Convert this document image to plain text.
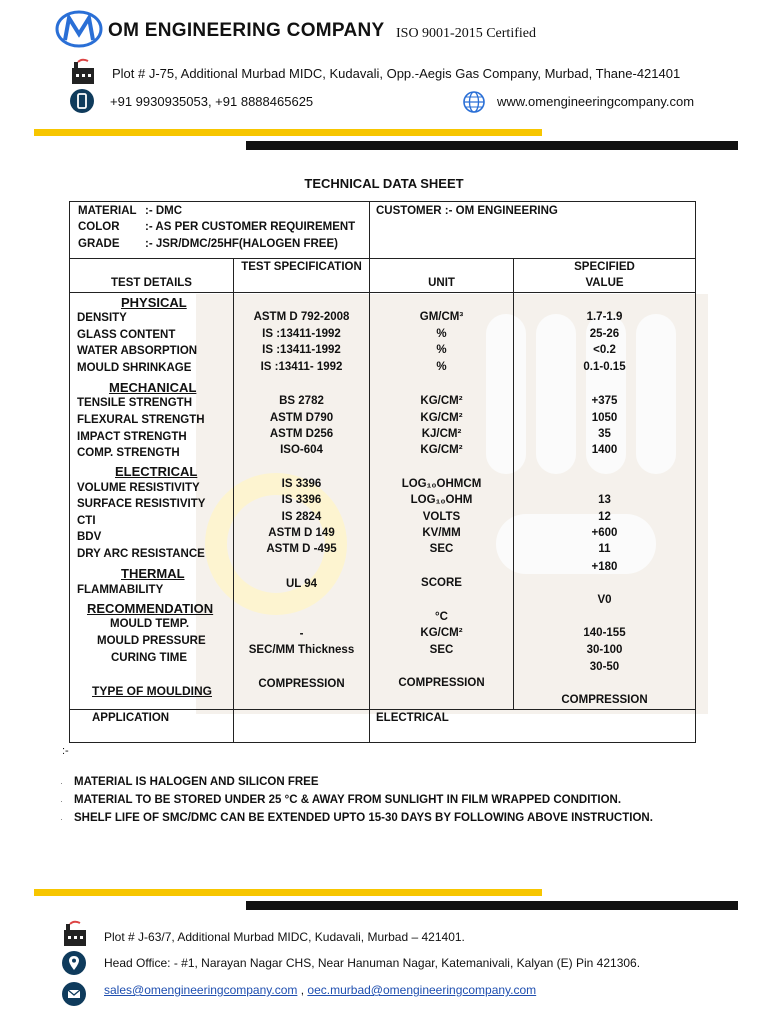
OM ENGINEERING COMPANY ISO 9001-2015 Certified
Plot # J-75, Additional Murbad MIDC, Kudavali, Opp.-Aegis Gas Company, Murbad, Thane-421401
+91 9930935053, +91 8888465625	www.omengineeringcompany.com
TECHNICAL DATA SHEET
MATERIAL :- DMC
COLOR :- AS PER CUSTOMER REQUIREMENT
GRADE :- JSR/DMC/25HF(HALOGEN FREE)
CUSTOMER :- OM ENGINEERING
TEST DETAILS
TEST SPECIFICATION
UNIT
SPECIFIED
VALUE
PHYSICAL
MECHANICAL
ELECTRICAL
THERMAL
RECOMMENDATION
DENSITY
GLASS CONTENT
WATER ABSORPTION
MOULD SHRINKAGE
TENSILE STRENGTH
FLEXURAL STRENGTH
IMPACT STRENGTH
COMP. STRENGTH
VOLUME RESISTIVITY
SURFACE RESISTIVITY
CTI
BDV
DRY ARC RESISTANCE
FLAMMABILITY
MOULD TEMP.
MOULD PRESSURE
CURING TIME
TYPE OF MOULDING
ASTM D 792-2008
IS :13411-1992
IS :13411-1992
IS :13411- 1992
BS 2782
ASTM D790
ASTM D256
ISO-604
IS 3396
IS 3396
IS 2824
ASTM D 149
ASTM D -495
UL 94
-
SEC/MM Thickness
COMPRESSION
GM/CM³
%
%
%
KG/CM²
KG/CM²
KJ/CM²
KG/CM²
LOG₁₀OHMCM
LOG₁₀OHM
VOLTS
KV/MM
SEC
SCORE
°C
KG/CM²
SEC
COMPRESSION
1.7-1.9
25-26
<0.2
0.1-0.15
+375
1050
35
1400
13
12
+600
11
+180
V0
140-155
30-100
30-50
COMPRESSION
APPLICATION	ELECTRICAL
:-
· MATERIAL IS HALOGEN AND SILICON FREE
· MATERIAL TO BE STORED UNDER 25 °C & AWAY FROM SUNLIGHT IN FILM WRAPPED CONDITION.
· SHELF LIFE OF SMC/DMC CAN BE EXTENDED UPTO 15-30 DAYS BY FOLLOWING ABOVE INSTRUCTION.
Plot # J-63/7, Additional Murbad MIDC, Kudavali, Murbad – 421401.
Head Office: - #1, Narayan Nagar CHS, Near Hanuman Nagar, Katemanivali, Kalyan (E) Pin 421306.
sales@omengineeringcompany.com , oec.murbad@omengineeringcompany.com
